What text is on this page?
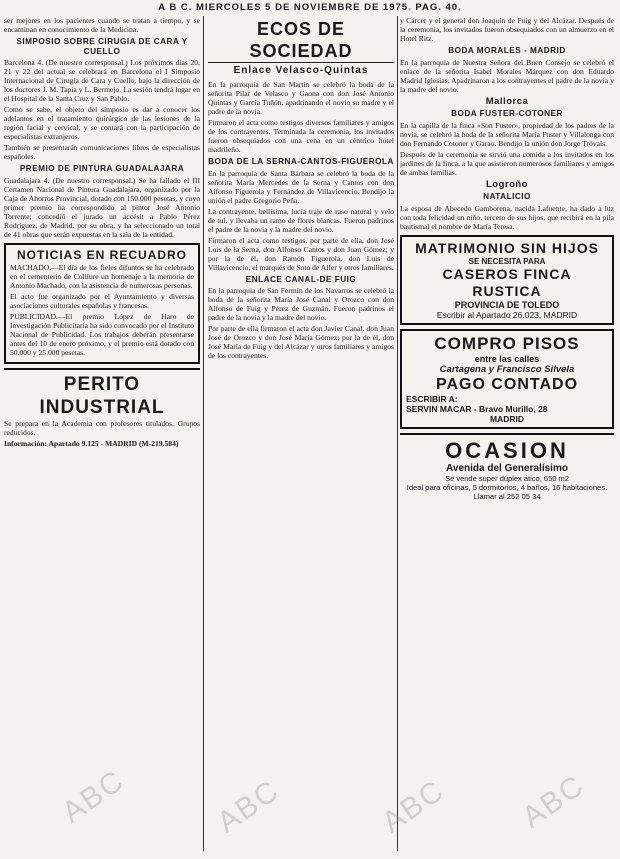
A B C. MIERCOLES 5 DE NOVIEMBRE DE 1975. PAG. 40.

ser mejores en los pacientes cuando se tratan a tiempo, y se encaminan en conocimiento de la Medicina.

SIMPOSIO SOBRE CIRUGIA DE CARA Y CUELLO

Barcelona 4. (De nuestro corresponsal.) Los próximos días 20, 21 y 22 del actual se celebrará en Barcelona el I Simposio Internacional de Cirugía de Cara y Cuello, bajo la dirección de los doctores J. M. Tapia y L. Bermejo. La sesión tendrá lugar en el Hospital de la Santa Cruz y San Pablo.

Como se sabe, el objeto del simposio es dar a conocer los adelantos en el tratamiento quirúrgico de las lesiones de la región facial y cervical, y se contará con la participación de especialistas extranjeros.

También se presentarán comunicaciones libres de especialistas españoles.

PREMIO DE PINTURA GUADALAJARA

Guadalajara 4. (De nuestro corresponsal.) Se ha fallado el III Certamen Nacional de Pintura Guadalajara, organizado por la Caja de Ahorros Provincial, dotado con 150.000 pesetas, y cuyo primer premio ha correspondido al pintor José Antonio Torrente; concedió el jurado un accésit a Pablo Pérez Rodríguez, de Madrid, por su obra, y ha seleccionado un total de 41 obras que serán expuestas en la sala de la entidad.

NOTICIAS EN RECUADRO

MACHADO.—El día de los fieles difuntos se ha celebrado en el cementerio de Colliure un homenaje a la memoria de Antonio Machado, con la asistencia de numerosas personas.

El acto fue organizado por el Ayuntamiento y diversas asociaciones culturales españolas y francesas.

PUBLICIDAD.—El premio López de Haro de Investigación Publicitaria ha sido convocado por el Instituto Nacional de Publicidad. Los trabajos deberán presentarse antes del 10 de enero próximo, y el premio está dotado con 50.000 y 25.000 pesetas.

PERITO INDUSTRIAL

Se prepara en la Academia con profesores titulados. Grupos reducidos.

Información: Apartado 9.125 - MADRID (M-219.584)

ECOS DE SOCIEDAD
Enlace Velasco-Quintas

En la parroquia de San Martín se celebró la boda de la señorita Pilar de Velasco y Gaona con don José Antonio Quintas y García Tuñón, apadrinando el novio su madre y el padre de la novia.

Firmaron el acta como testigos diversos familiares y amigos de los contrayentes. Terminada la ceremonia, los invitados fueron obsequiados con una cena en un céntrico hotel madrileño.

BODA DE LA SERNA-CANTOS-FIGUEROLA

En la parroquia de Santa Bárbara se celebró la boda de la señorita María Mercedes de la Serna y Cantos con don Alfonso Figuerola y Fernández de Villavicencio. Bendijo la unión el padre Gregorio Peña.

La contrayente, bellísima, lucía traje de raso natural y velo de tul, y llevaba un ramo de flores blancas. Fueron padrinos el padre de la novia y la madre del novio.

Firmaron el acta como testigos, por parte de ella, don José Luis de la Serna, don Alfonso Cantos y don Juan Gómez; y por la de él, don Ramón Figuerola, don Luis de Villavicencio, el marqués de Soto de Alfer y otros familiares.

ENLACE CANAL-DE FUIG

En la parroquia de San Fermín de los Navarros se celebró la boda de la señorita María José Canal y Orozco con don Alfonso de Fuig y Pérez de Guzmán. Fueron padrinos el padre de la novia y la madre del novio.

Por parte de ella firmaron el acta don Javier Canal, don Juan José de Orozco y don José María Gómez; por la de él, don José María de Fuig y del Alcázar y otros familiares y amigos de los contrayentes.

y Cárcer y el general don Joaquín de Fuig y del Alcázar. Después de la ceremonia, los invitados fueron obsequiados con un almuerzo en el Hotel Ritz.

BODA MORALES - MADRID

En la parroquia de Nuestra Señora del Buen Consejo se celebró el enlace de la señorita Isabel Morales Márquez con don Eduardo Madrid Iglesias. Apadrinaron a los contrayentes el padre de la novia y la madre del novio.

Mallorca
BODA FUSTER-COTONER

En la capilla de la finca «Son Fuster», propiedad de los padres de la novia, se celebró la boda de la señorita María Fuster y Villalonga con don Fernando Cotoner y Garau. Bendijo la unión don Jorge Tróvals.

Después de la ceremonia se sirvió una comida a los invitados en los jardines de la finca, a la que asistieron numerosos familiares y amigos de ambas familias.

Logroño
NATALICIO

La esposa de Abecedo Gamborena, nacida Lafuente, ha dado a luz con toda felicidad un niño, tercero de sus hijos, que recibirá en la pila bautismal el nombre de María Teresa.

MATRIMONIO SIN HIJOS
SE NECESITA PARA
CASEROS FINCA RUSTICA
PROVINCIA DE TOLEDO
Escribir al Apartado 26.023, MADRID
COMPRO PISOS
entre las calles
Cartagena y Francisco Silvela
PAGO CONTADO
ESCRIBIR A:
SERVIN MACAR - Bravo Murillo, 28
MADRID
OCASION
Avenida del Generalísimo
Se vende super dúplex ático, 650 m2

Ideal para oficinas, 5 dormitorios, 4 baños, 16 habitaciones. Llamar al 252 05 34

ABC	ABC	ABC ABC
